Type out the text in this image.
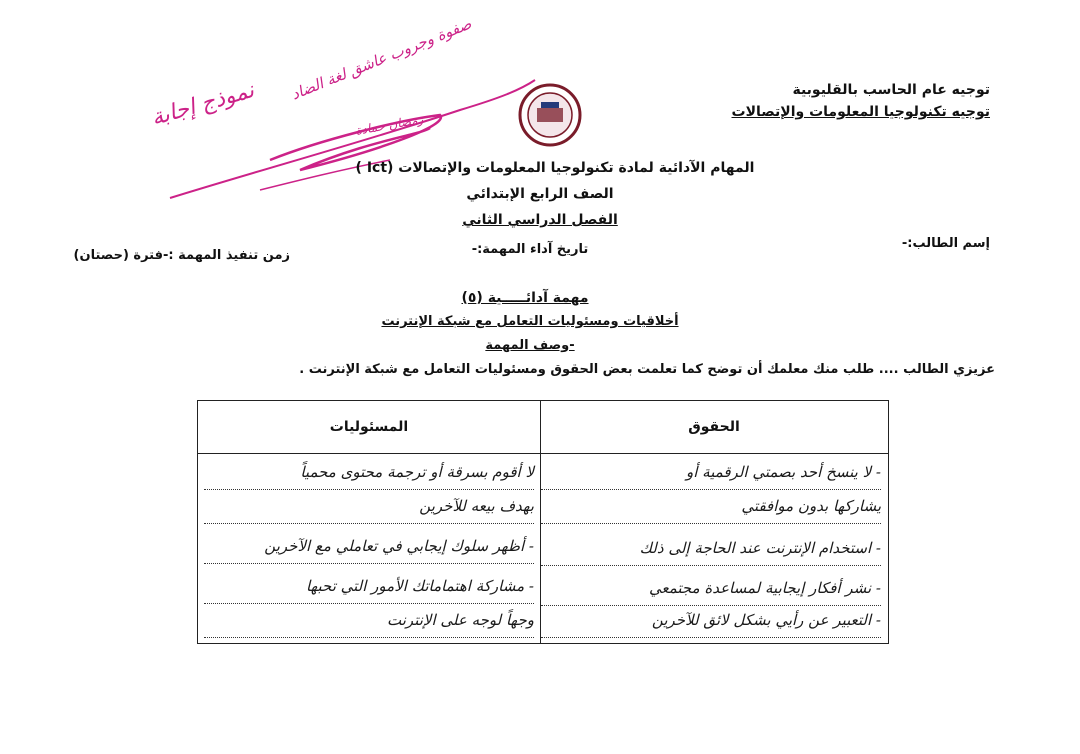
توجيه عام الحاسب بالقليوبية
توجيه تكنولوجيا المعلومات والإتصالات
نموذج إجابة
صفوة وجروب عاشق لغة الضاد
رمضان حمادة
المهام الآدائية لمادة تكنولوجيا المعلومات والإتصالات (Ict )
الصف الرابع الإبتدائي
الفصل الدراسي الثاني
إسم الطالب:-
تاريخ آداء المهمة:-
زمن تنفيذ المهمة :-فترة (حصتان)
مهمة آدائـــــية (٥)
أخلاقيات ومسئوليات التعامل مع شبكة الإنترنت
-وصف المهمة
عزيزي الطالب .... طلب منك معلمك أن توضح كما تعلمت بعض الحقوق ومسئوليات التعامل مع شبكة الإنترنت .
الحقوق
المسئوليات
- لا ينسخ أحد بصمتي الرقمية أو
يشاركها بدون موافقتي
- استخدام الإنترنت عند الحاجة إلى ذلك
- نشر أفكار إيجابية لمساعدة مجتمعي
- التعبير عن رأيي بشكل لائق للآخرين
لا أقوم بسرقة أو ترجمة محتوى محمياً
بهدف بيعه للآخرين
- أظهر سلوك إيجابي في تعاملي مع الآخرين
- مشاركة اهتماماتك الأمور التي تحبها
وجهاً لوجه على الإنترنت
